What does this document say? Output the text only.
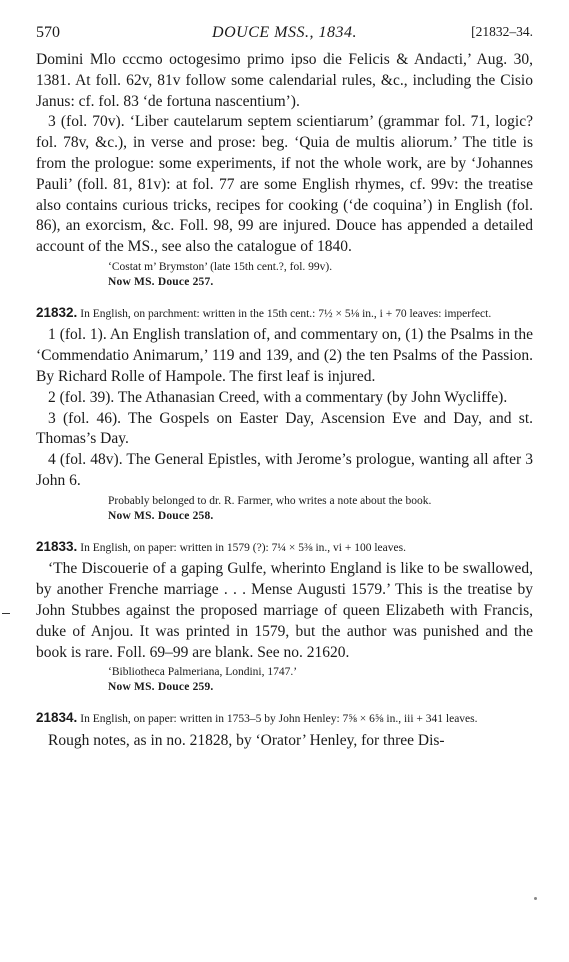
570	DOUCE MSS., 1834.	[21832–34.

Domini Mlo cccmo octogesimo primo ipso die Felicis & Andacti,’ Aug. 30, 1381. At foll. 62v, 81v follow some calendarial rules, &c., including the Cisio Janus: cf. fol. 83 ‘de fortuna nascentium’).

3 (fol. 70v). ‘Liber cautelarum septem scientiarum’ (grammar fol. 71, logic? fol. 78v, &c.), in verse and prose: beg. ‘Quia de multis aliorum.’ The title is from the prologue: some experiments, if not the whole work, are by ‘Johannes Pauli’ (foll. 81, 81v): at fol. 77 are some English rhymes, cf. 99v: the treatise also contains curious tricks, recipes for cooking (‘de coquina’) in English (fol. 86), an exorcism, &c. Foll. 98, 99 are injured. Douce has appended a detailed account of the MS., see also the catalogue of 1840.

‘Costat m’ Brymston’ (late 15th cent.?, fol. 99v).
Now MS. Douce 257.
21832. In English, on parchment: written in the 15th cent.: 7½ × 5⅛ in., i + 70 leaves: imperfect.

1 (fol. 1). An English translation of, and commentary on, (1) the Psalms in the ‘Commendatio Animarum,’ 119 and 139, and (2) the ten Psalms of the Passion. By Richard Rolle of Hampole. The first leaf is injured.

2 (fol. 39). The Athanasian Creed, with a commentary (by John Wycliffe).

3 (fol. 46). The Gospels on Easter Day, Ascension Eve and Day, and st. Thomas’s Day.

4 (fol. 48v). The General Epistles, with Jerome’s prologue, wanting all after 3 John 6.

Probably belonged to dr. R. Farmer, who writes a note about the book.
Now MS. Douce 258.
21833. In English, on paper: written in 1579 (?): 7¼ × 5⅜ in., vi + 100 leaves.

‘The Discouerie of a gaping Gulfe, wherinto England is like to be swallowed, by another Frenche marriage . . . Mense Augusti 1579.’ This is the treatise by John Stubbes against the proposed marriage of queen Elizabeth with Francis, duke of Anjou. It was printed in 1579, but the author was punished and the book is rare. Foll. 69–99 are blank. See no. 21620.

‘Bibliotheca Palmeriana, Londini, 1747.’
Now MS. Douce 259.
21834. In English, on paper: written in 1753–5 by John Henley: 7⅝ × 6⅝ in., iii + 341 leaves.

Rough notes, as in no. 21828, by ‘Orator’ Henley, for three Dis-
